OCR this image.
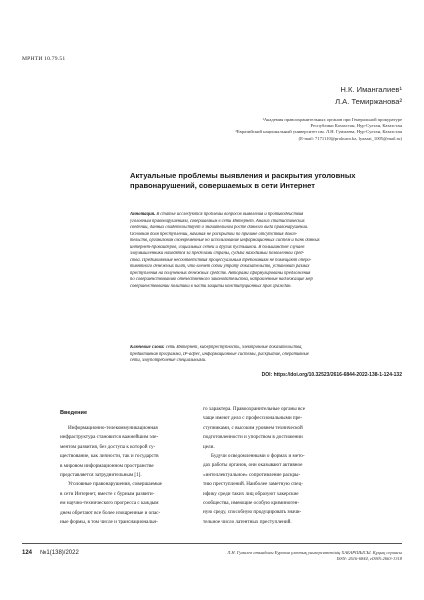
МРНТИ 10.79.51
Н.К. Имангалиев¹
Л.А. Темиржанова²
¹Академия правоохранительных органов при Генеральной прокуратуре
Республики Казахстан, Нур-Султан, Казахстан
²Евразийский национальный университет им. Л.Н. Гумилева, Нур-Султан, Казахстан
(E-mail: 7171110@prokuror.kz, lyazzat_1005@mail.ru)
Актуальные проблемы выявления и раскрытия уголовных
правонарушений, совершаемых в сети Интернет
Аннотация. В статье исследуются проблемы вопросов выявления и противодействия
уголовным правонарушениям, совершаемым в сети Интернет. Анализ статистических
сведений, данных свидетельствует о значительном росте данного вида правонарушений.
Основная доля преступлений, начиная не раскрытой по причине отсутствия доказ-
тельств, организован своевременные но использование информационных систем и банк данных
интернет-провайдеров, социальных сетей и других пустышкой. В большинстве случаев
злоумышленники находятся за пределами страны, судьба находимый позволенной сред-
ства. Предъявляемые несоответствия процессуальным требованиям не помещают опера-
тивнтного денежных пилт, что влечет собой утрату доказательств, установит размах
преступления на полученных денежных средств. Авторами сформулированы предложения
по совершенствованию отечественного законодательства, направленные надлежащие мер
совершенствований политики в части защиты конституционных прав граждан.
Ключевые слова: сеть Интернет, киберпреступность, электронные доказательства,
предиктивная программа, IP-адрес, информационные системы, раскрытие, оперативные
сети, злоупотребление специальными.
DOI: https://doi.org/10.32523/2616-6844-2022-138-1-124-132
Введение
Информационно-телекоммуникационная
инфраструктура становится важнейшим эле-
ментом развития, без доступа к которой су-
ществование, как личности, так и государств
в мировом информационном пространстве
представляется затруднительным [1].
Уголовные правонарушения, совершаемые
в сети Интернет, вместе с бурным развити-
ем научно-технического прогресса с каждым
днем обретают все более изощренные и опас-
ные формы, в том числе и транснациональн-
го характера. Правоохранительные органы все
чаще имеют дело с профессиональными пре-
ступниками, с высоким уровнем технической
подготовленности и упорством в достижении
цели.
Будучи осведомленными о формах и мето-
дах работы органов, они оказывают активное
«интеллектуальное» сопротивление раскры-
тию преступлений. Наиболее заметную спец-
ифику среди таких лиц образуют хакерские
сообщества, имеющие особую криминоген-
ную среду, способную продуцировать значи-
тельное число латентных преступлений.
124 №1(138)/2022	Л.Н. Гумилев атындағы Еуразия ұлттық университетінің ХАБАРШЫСЫ. Құқық сериясы
ISSN: 2616-6844, eISSN:2663-1318
